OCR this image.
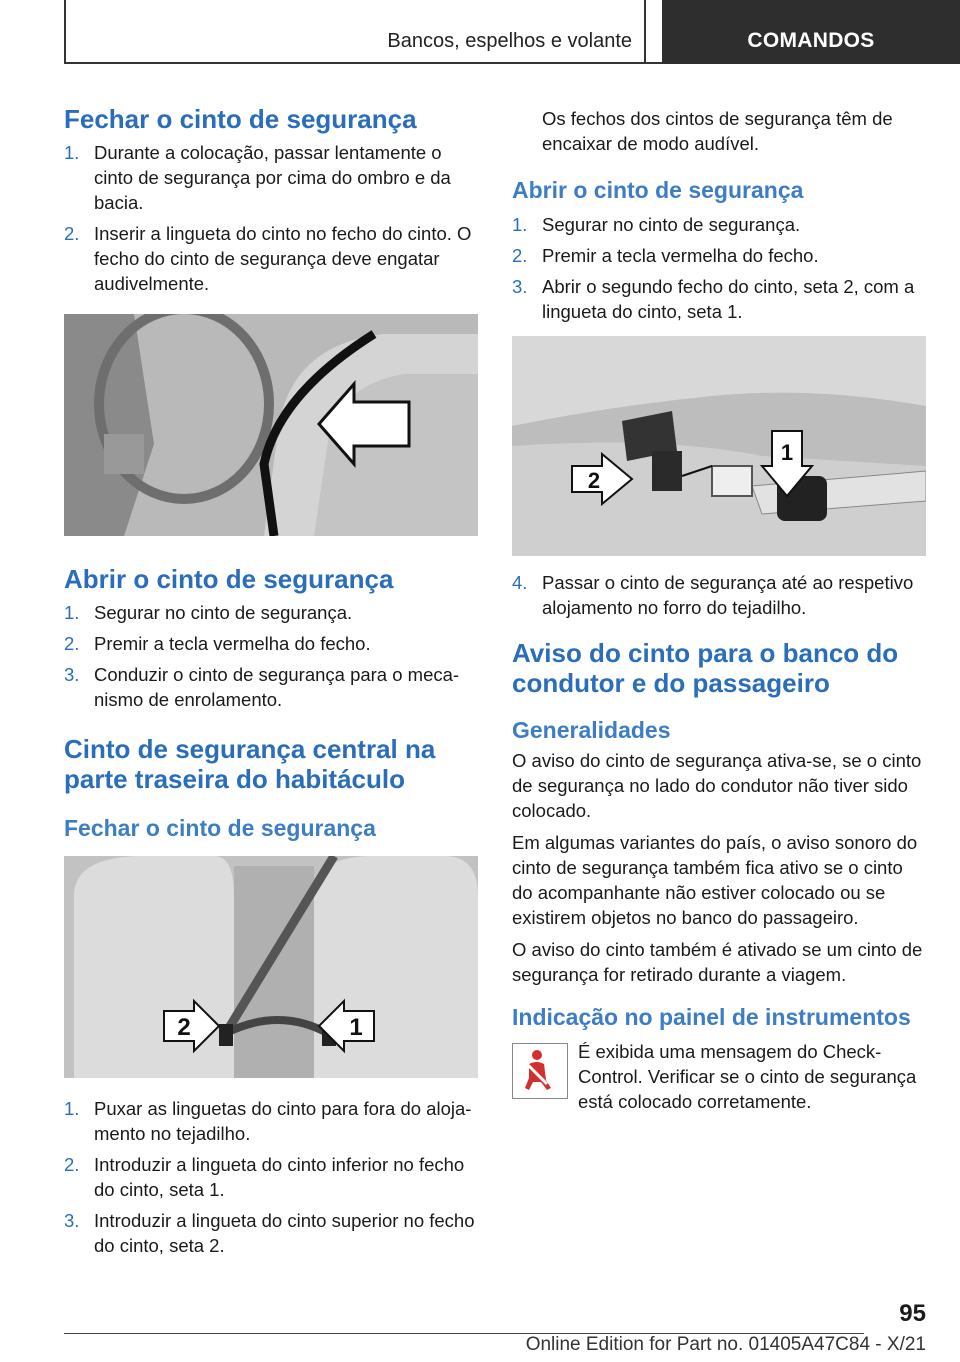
Bancos, espelhos e volante	COMANDOS
Fechar o cinto de segurança
1. Durante a colocação, passar lentamente o cinto de segurança por cima do ombro e da bacia.
2. Inserir a lingueta do cinto no fecho do cinto. O fecho do cinto de segurança deve engatar audivelmente.
Abrir o cinto de segurança
1. Segurar no cinto de segurança.
2. Premir a tecla vermelha do fecho.
3. Conduzir o cinto de segurança para o mecanismo de enrolamento.
Cinto de segurança central na parte traseira do habitáculo
Fechar o cinto de segurança
2	1
1. Puxar as linguetas do cinto para fora do alojamento no tejadilho.
2. Introduzir a lingueta do cinto inferior no fecho do cinto, seta 1.
3. Introduzir a lingueta do cinto superior no fecho do cinto, seta 2.
Os fechos dos cintos de segurança têm de encaixar de modo audível.
Abrir o cinto de segurança
1. Segurar no cinto de segurança.
2. Premir a tecla vermelha do fecho.
3. Abrir o segundo fecho do cinto, seta 2, com a lingueta do cinto, seta 1.
2
1
4. Passar o cinto de segurança até ao respetivo alojamento no forro do tejadilho.
Aviso do cinto para o banco do condutor e do passageiro
Generalidades
O aviso do cinto de segurança ativa-se, se o cinto de segurança no lado do condutor não tiver sido colocado.
Em algumas variantes do país, o aviso sonoro do cinto de segurança também fica ativo se o cinto do acompanhante não estiver colocado ou se existirem objetos no banco do passageiro.
O aviso do cinto também é ativado se um cinto de segurança for retirado durante a viagem.
Indicação no painel de instrumentos
É exibida uma mensagem do Check-Control. Verificar se o cinto de segurança está colocado corretamente.
95
Online Edition for Part no. 01405A47C84 - X/21
